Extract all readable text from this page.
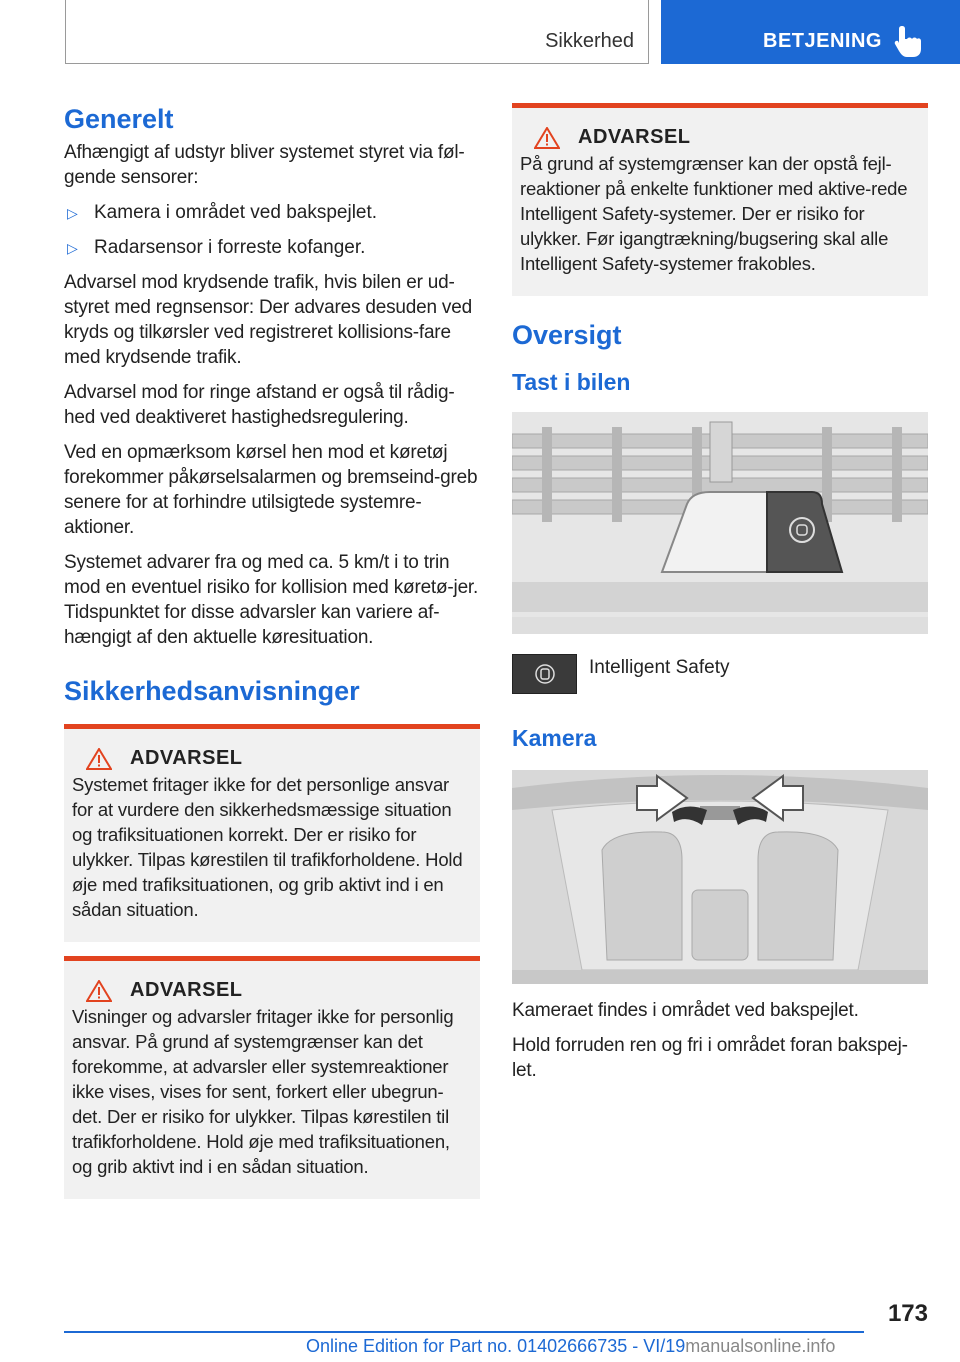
Sikkerhed	BETJENING
Generelt

Afhængigt af udstyr bliver systemet styret via føl-gende sensorer:

▷ Kamera i området ved bakspejlet.
▷ Radarsensor i forreste kofanger.

Advarsel mod krydsende trafik, hvis bilen er ud-styret med regnsensor: Der advares desuden ved kryds og tilkørsler ved registreret kollisions-fare med krydsende trafik.

Advarsel mod for ringe afstand er også til rådig-hed ved deaktiveret hastighedsregulering.

Ved en opmærksom kørsel hen mod et køretøj forekommer påkørselsalarmen og bremseind-greb senere for at forhindre utilsigtede systemre-aktioner.

Systemet advarer fra og med ca. 5 km/t i to trin mod en eventuel risiko for kollision med køretø-jer. Tidspunktet for disse advarsler kan variere af-hængigt af den aktuelle køresituation.

Sikkerhedsanvisninger
ADVARSEL

Systemet fritager ikke for det personlige ansvar for at vurdere den sikkerhedsmæssige situation og trafiksituationen korrekt. Der er risiko for ulykker. Tilpas kørestilen til trafikforholdene. Hold øje med trafiksituationen, og grib aktivt ind i en sådan situation.

ADVARSEL

Visninger og advarsler fritager ikke for personlig ansvar. På grund af systemgrænser kan det forekomme, at advarsler eller systemreaktioner ikke vises, vises for sent, forkert eller ubegrun-det. Der er risiko for ulykker. Tilpas kørestilen til trafikforholdene. Hold øje med trafiksituationen, og grib aktivt ind i en sådan situation.

ADVARSEL

På grund af systemgrænser kan der opstå fejl-reaktioner på enkelte funktioner med aktive-rede Intelligent Safety-systemer. Der er risiko for ulykker. Før igangtrækning/bugsering skal alle Intelligent Safety-systemer frakobles.

Oversigt
Tast i bilen
Intelligent Safety
Kamera

Kameraet findes i området ved bakspejlet.

Hold forruden ren og fri i området foran bakspej-let.

173
Online Edition for Part no. 01402666735 - VI/19manualsonline.info
